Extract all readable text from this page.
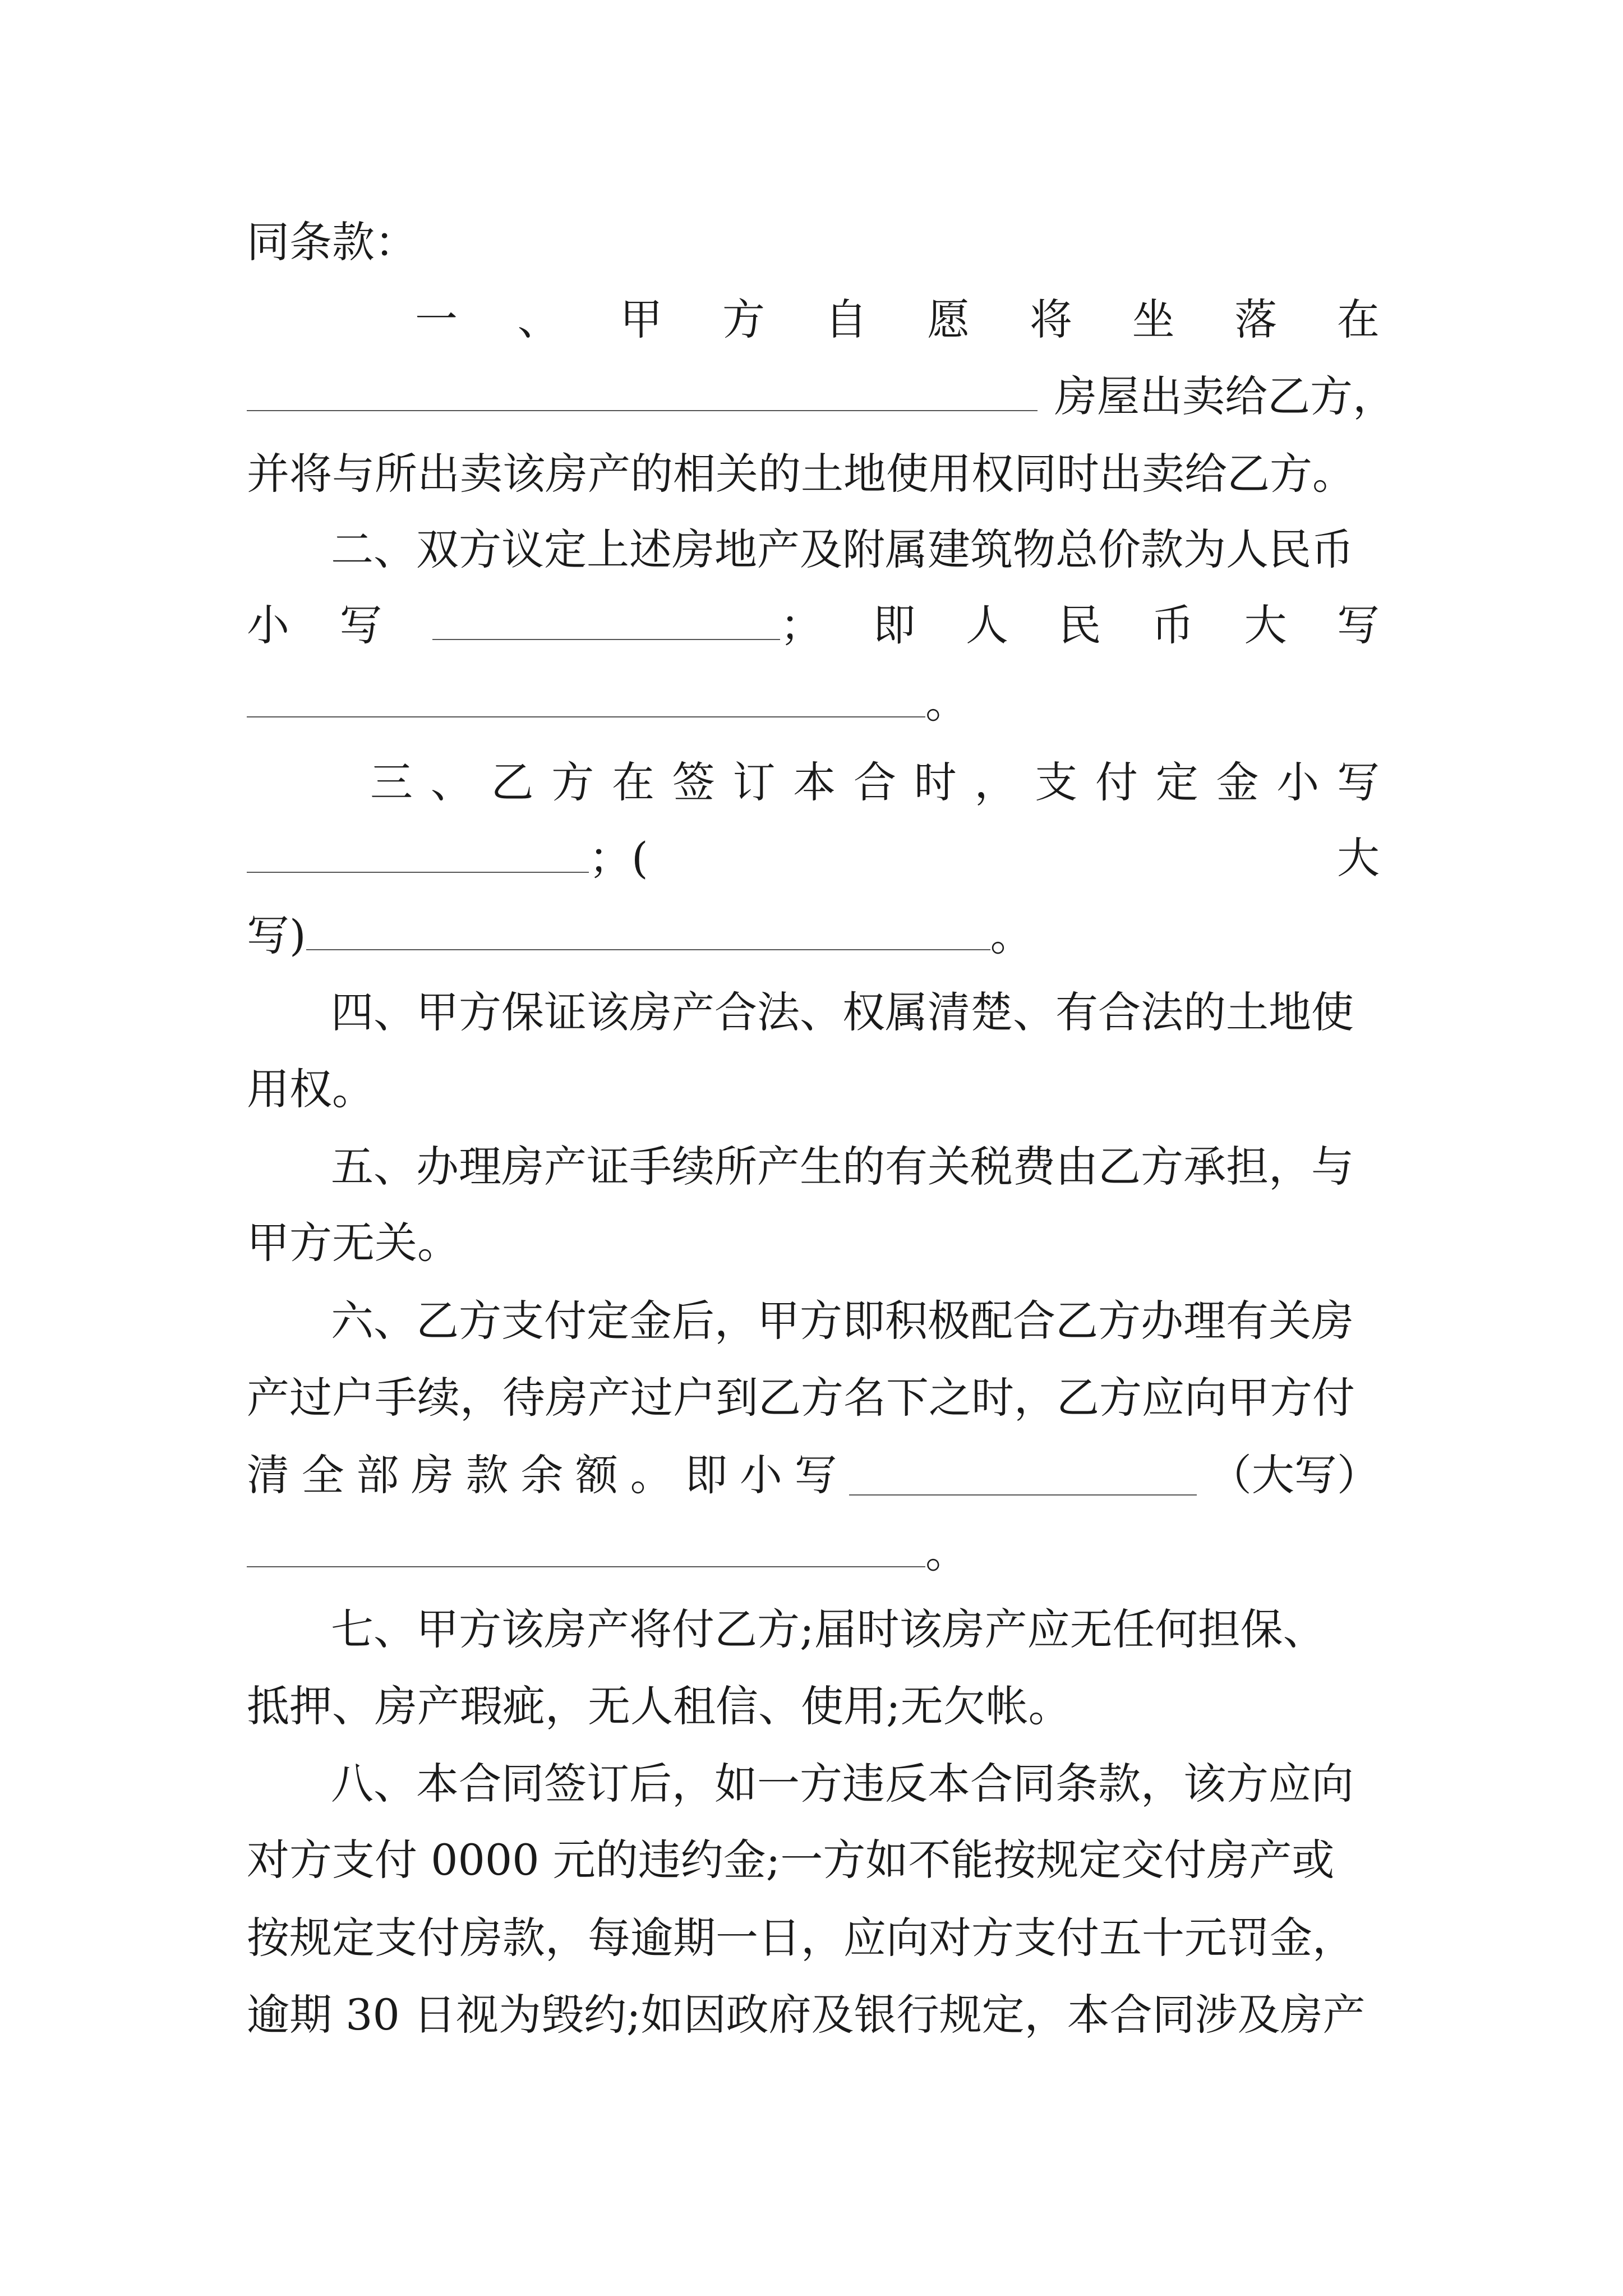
同条款：
一 、 甲 方 自 愿 将 坐 落 在
房屋出卖给乙方，
并将与所出卖该房产的相关的土地使用权同时出卖给乙方。
二、双方议定上述房地产及附属建筑物总价款为人民币
小 写	； 即 人 民 币 大 写
。
三 、 乙 方 在 签 订 本 合 时 ， 支 付 定 金 小 写
；(	大
写)	。
四、甲方保证该房产合法、权属清楚、有合法的土地使
用权。
五、办理房产证手续所产生的有关税费由乙方承担，与
甲方无关。
六、乙方支付定金后，甲方即积极配合乙方办理有关房
产过户手续，待房产过户到乙方名下之时，乙方应向甲方付
清 全 部 房 款 余 额 。 即 小 写	（大写）
。
七、甲方该房产将付乙方;届时该房产应无任何担保、
抵押、房产瑕疵，无人租信、使用;无欠帐。
八、本合同签订后，如一方违反本合同条款，该方应向
对方支付 0000 元的违约金;一方如不能按规定交付房产或
按规定支付房款，每逾期一日，应向对方支付五十元罚金，
逾期 30 日视为毁约;如因政府及银行规定，本合同涉及房产
